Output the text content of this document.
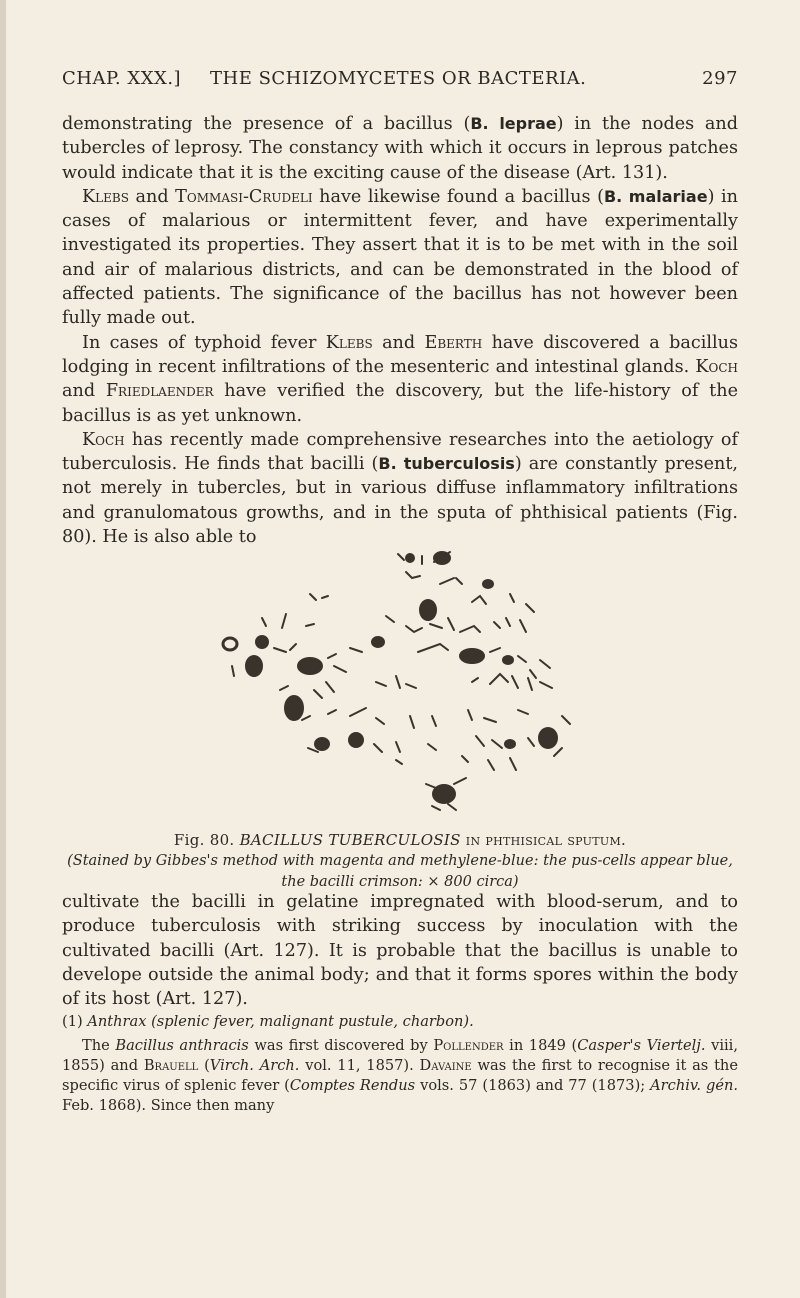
CHAP. XXX.] THE SCHIZOMYCETES OR BACTERIA.	297

demonstrating the presence of a bacillus (B. leprae) in the nodes and tubercles of leprosy. The constancy with which it occurs in leprous patches would indicate that it is the exciting cause of the disease (Art. 131).

Klebs and Tommasi-Crudeli have likewise found a bacillus (B. malariae) in cases of malarious or intermittent fever, and have experimentally investigated its properties. They assert that it is to be met with in the soil and air of malarious districts, and can be demonstrated in the blood of affected patients. The significance of the bacillus has not however been fully made out.

In cases of typhoid fever Klebs and Eberth have discovered a bacillus lodging in recent infiltrations of the mesenteric and intestinal glands. Koch and Friedlaender have verified the discovery, but the life-history of the bacillus is as yet unknown.

Koch has recently made comprehensive researches into the aetiology of tuberculosis. He finds that bacilli (B. tuberculosis) are constantly present, not merely in tubercles, but in various diffuse inflammatory infiltrations and granulomatous growths, and in the sputa of phthisical patients (Fig. 80). He is also able to

Fig. 80. BACILLUS TUBERCULOSIS in phthisical sputum.
(Stained by Gibbes's method with magenta and methylene-blue: the pus-cells appear blue, the bacilli crimson: × 800 circa)

cultivate the bacilli in gelatine impregnated with blood-serum, and to produce tuberculosis with striking success by inoculation with the cultivated bacilli (Art. 127). It is probable that the bacillus is unable to develope outside the animal body; and that it forms spores within the body of its host (Art. 127).

(1) Anthrax (splenic fever, malignant pustule, charbon).

The Bacillus anthracis was first discovered by Pollender in 1849 (Casper's Viertelj. viii, 1855) and Brauell (Virch. Arch. vol. 11, 1857). Davaine was the first to recognise it as the specific virus of splenic fever (Comptes Rendus vols. 57 (1863) and 77 (1873); Archiv. gén. Feb. 1868). Since then many
